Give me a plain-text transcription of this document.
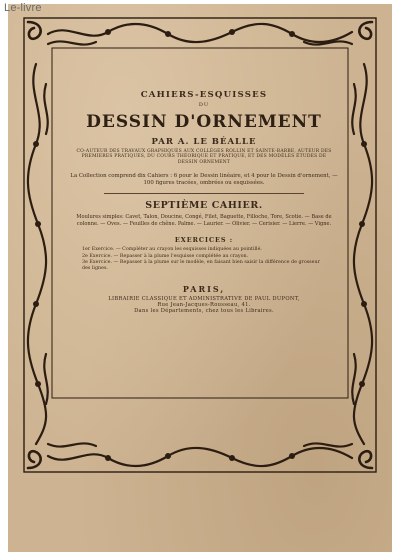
Le-livre
CAHIERS-ESQUISSES
DU
DESSIN D'ORNEMENT
PAR A. LE BÉALLE
CO-AUTEUR DES TRAVAUX GRAPHIQUES AUX COLLÈGES ROLLIN ET SAINTE-BARBE, AUTEUR DES PREMIERES PRATIQUES, DU COURS THÉORIQUE ET PRATIQUE, ET DES MODÈLES ÉTUDES DE DESSIN ORNEMENT
La Collection comprend dix Cahiers : 6 pour le Dessin linéaire, et 4 pour le Dessin d'ornement, — 100 figures tracées, ombrées ou esquissées.
SEPTIÈME CAHIER.
Moulures simples: Cavet, Talon, Doucine, Congé, Filet, Baguette, Filloche, Tore, Scotie. — Base de colonne. — Oves. — Feuilles de chêne. Palme. — Laurier. — Olivier. — Cerisier. — Lierre. — Vigne.
EXERCICES :
1er Exercice. — Compléter au crayon les esquisses indiquées au pointillé.
2e Exercice. — Repasser à la plume l'esquisse complétée au crayon.
3e Exercice. — Repasser à la plume sur le modèle, en faisant bien saisir la différence de grosseur des lignes.
PARIS,
LIBRAIRIE CLASSIQUE ET ADMINISTRATIVE DE PAUL DUPONT,
Rue Jean-Jacques-Rousseau, 41.
Dans les Départements, chez tous les Libraires.
